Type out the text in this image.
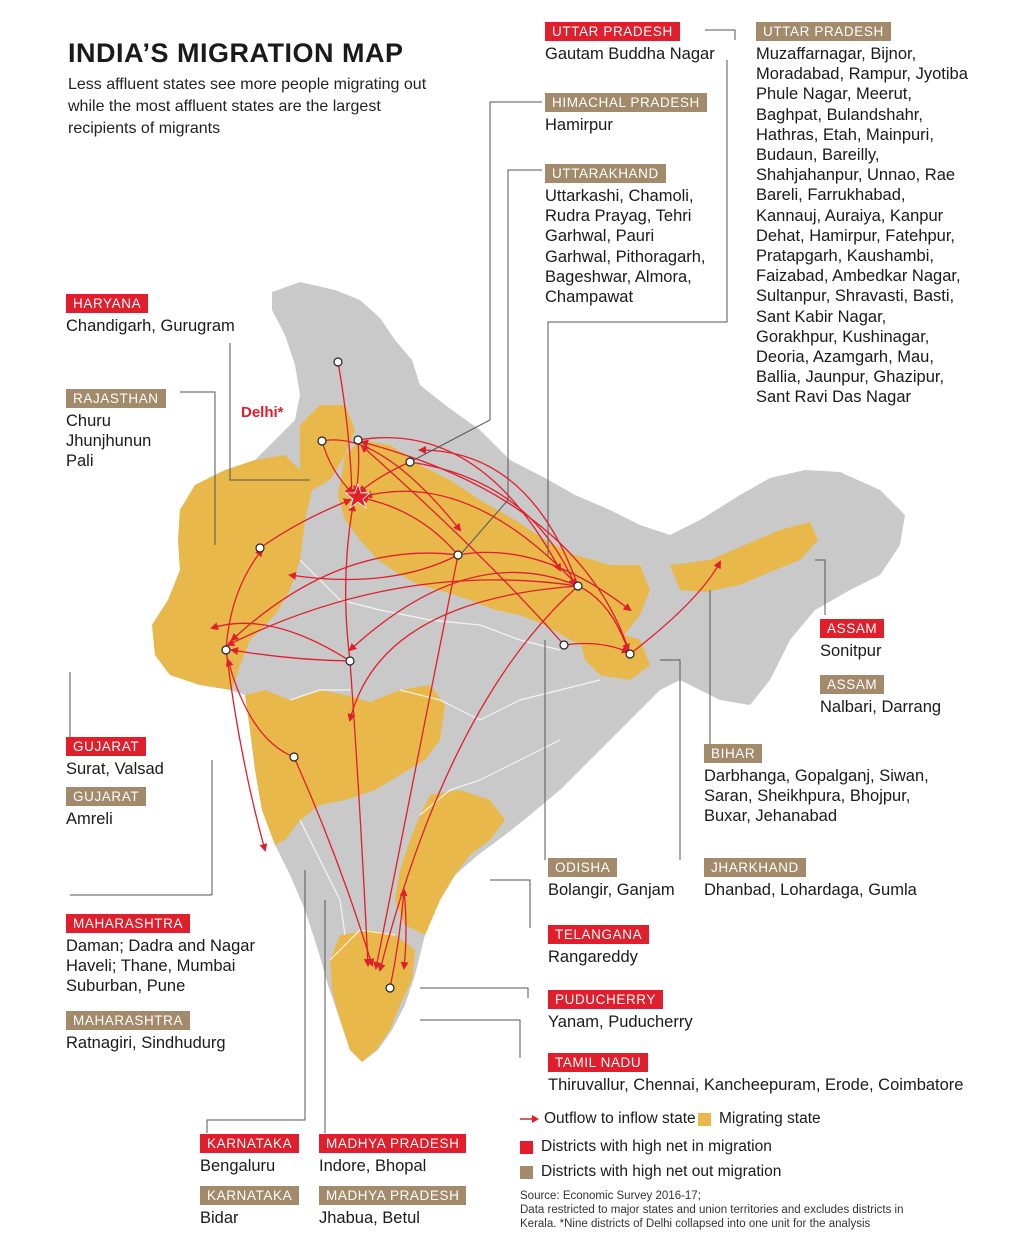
INDIA’S MIGRATION MAP
Less affluent states see more people migrating out while the most affluent states are the largest recipients of migrants
Delhi*
UTTAR PRADESH
Gautam Buddha Nagar
HIMACHAL PRADESH
Hamirpur
UTTARAKHAND
Uttarkashi, Chamoli, Rudra Prayag, Tehri Garhwal, Pauri Garhwal, Pithoragarh, Bageshwar, Almora, Champawat
UTTAR PRADESH
Muzaffarnagar, Bijnor, Moradabad, Rampur, Jyotiba Phule Nagar, Meerut, Baghpat, Bulandshahr, Hathras, Etah, Mainpuri, Budaun, Bareilly, Shahjahanpur, Unnao, Rae Bareli, Farrukhabad, Kannauj, Auraiya, Kanpur Dehat, Hamirpur, Fatehpur, Pratapgarh, Kaushambi, Faizabad, Ambedkar Nagar, Sultanpur, Shravasti, Basti, Sant Kabir Nagar, Gorakhpur, Kushinagar, Deoria, Azamgarh, Mau, Ballia, Jaunpur, Ghazipur, Sant Ravi Das Nagar
HARYANA
Chandigarh, Gurugram
RAJASTHAN
Churu
Jhunjhunun
Pali
ASSAM
Sonitpur
ASSAM
Nalbari, Darrang
GUJARAT
Surat, Valsad
GUJARAT
Amreli
BIHAR
Darbhanga, Gopalganj, Siwan, Saran, Sheikhpura, Bhojpur, Buxar, Jehanabad
ODISHA
Bolangir, Ganjam
JHARKHAND
Dhanbad, Lohardaga, Gumla
MAHARASHTRA
Daman; Dadra and Nagar Haveli; Thane, Mumbai Suburban, Pune
TELANGANA
Rangareddy
PUDUCHERRY
Yanam, Puducherry
MAHARASHTRA
Ratnagiri, Sindhudurg
TAMIL NADU
Thiruvallur, Chennai, Kancheepuram, Erode, Coimbatore
KARNATAKA
Bengaluru
MADHYA PRADESH
Indore, Bhopal
KARNATAKA
Bidar
MADHYA PRADESH
Jhabua, Betul
Outflow to inflow state Migrating state
Districts with high net in migration
Districts with high net out migration
Source: Economic Survey 2016-17;
Data restricted to major states and union territories and excludes districts in Kerala. *Nine districts of Delhi collapsed into one unit for the analysis
